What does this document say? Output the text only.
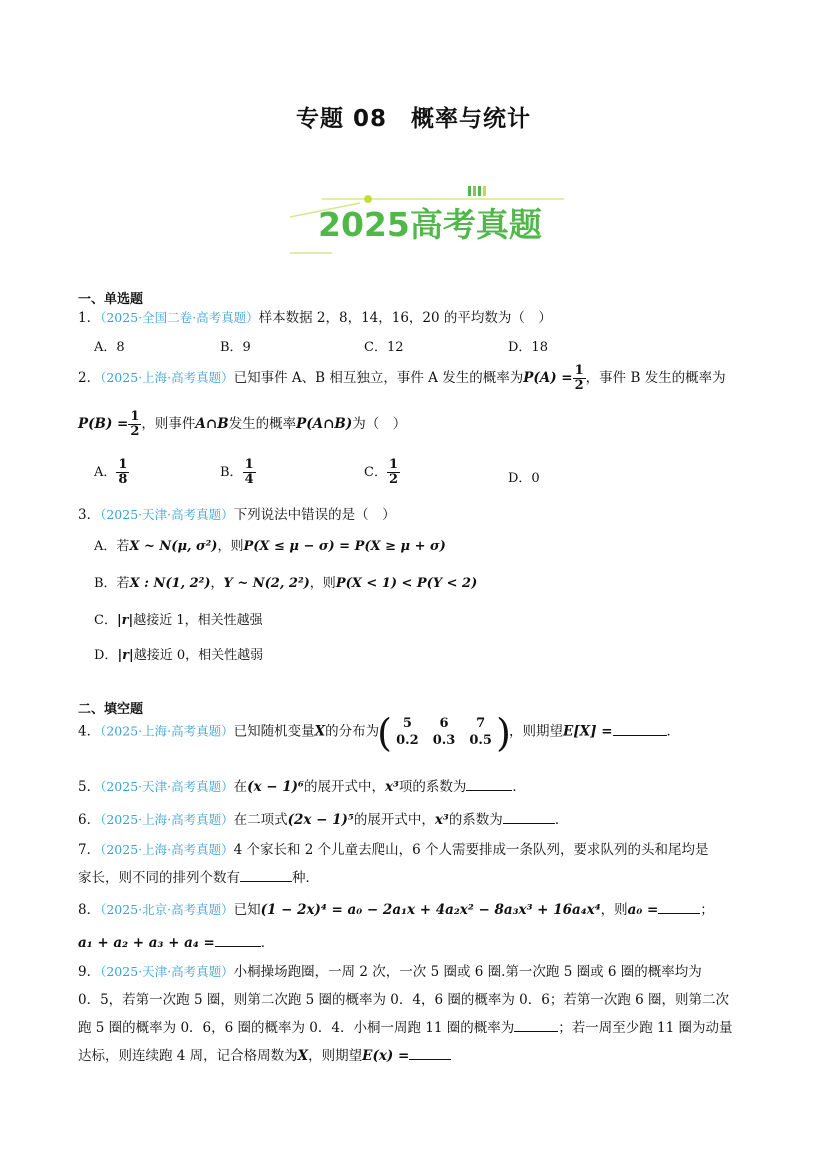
专题 08　概率与统计
2025高考真题
一、单选题
1．（2025·全国二卷·高考真题）样本数据 2，8，14，16，20 的平均数为（　）
A．8	B．9	C．12	D．18
2．（2025·上海·高考真题）已知事件 A、B 相互独立，事件 A 发生的概率为$P(A) = \frac{1}{2}$ ，事件 B 发生的概率为
$P(B) = \frac{1}{2}$ ，则事件A∩B发生的概率P(A∩B)为（　）
A． $\frac{1}{8}$	B． $\frac{1}{4}$	C． $\frac{1}{2}$	D．0
3．（2025·天津·高考真题）下列说法中错误的是（　）
A．若X ~ N(μ, σ²)，则P(X ≤ μ − σ) = P(X ≥ μ + σ)
B．若X : N(1, 2²)，Y ~ N(2, 2²)，则P(X < 1) < P(Y < 2)
C．|r|越接近 1，相关性越强
D．|r|越接近 0，相关性越弱
二、填空题
4．（2025·上海·高考真题）已知随机变量X的分布为
( 5	6	7
0.2	0.3	0.5 )
，则期望E[X] =	．
5．（2025·天津·高考真题）在(x − 1)⁶的展开式中，x³项的系数为	．
6．（2025·上海·高考真题）在二项式(2x − 1)⁵的展开式中，x³的系数为	．
7．（2025·上海·高考真题）4 个家长和 2 个儿童去爬山，6 个人需要排成一条队列，要求队列的头和尾均是
家长，则不同的排列个数有	种．
8．（2025·北京·高考真题）已知(1 − 2x)⁴ = a₀ − 2a₁x + 4a₂x² − 8a₃x³ + 16a₄x⁴，则a₀ =	；
a₁ + a₂ + a₃ + a₄ =	．
9．（2025·天津·高考真题）小桐操场跑圈，一周 2 次，一次 5 圈或 6 圈.第一次跑 5 圈或 6 圈的概率均为
0．5，若第一次跑 5 圈，则第二次跑 5 圈的概率为 0．4，6 圈的概率为 0．6；若第一次跑 6 圈，则第二次
跑 5 圈的概率为 0．6，6 圈的概率为 0．4．小桐一周跑 11 圈的概率为	；若一周至少跑 11 圈为动量
达标，则连续跑 4 周，记合格周数为X，则期望E(x) =
